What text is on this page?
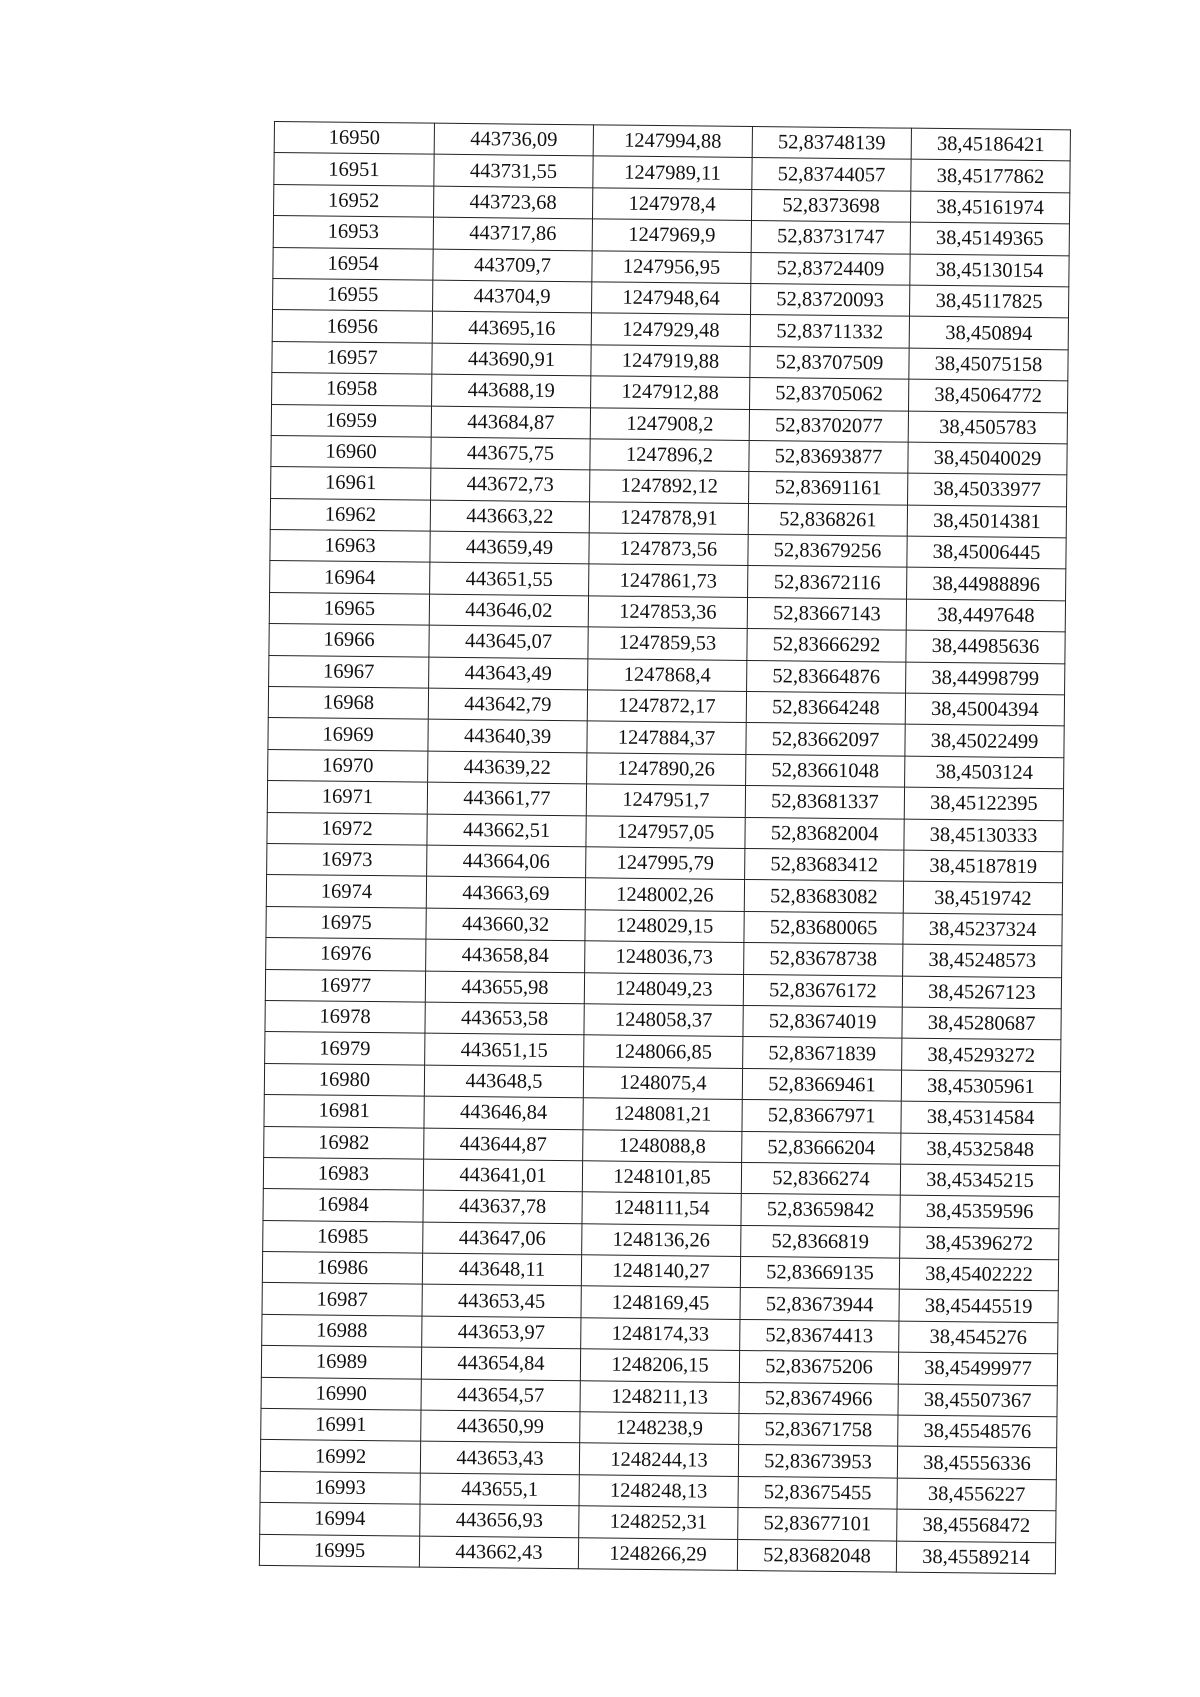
16950	443736,09	1247994,88	52,83748139	38,45186421
16951	443731,55	1247989,11	52,83744057	38,45177862
16952	443723,68	1247978,4	52,8373698	38,45161974
16953	443717,86	1247969,9	52,83731747	38,45149365
16954	443709,7	1247956,95	52,83724409	38,45130154
16955	443704,9	1247948,64	52,83720093	38,45117825
16956	443695,16	1247929,48	52,83711332	38,450894
16957	443690,91	1247919,88	52,83707509	38,45075158
16958	443688,19	1247912,88	52,83705062	38,45064772
16959	443684,87	1247908,2	52,83702077	38,4505783
16960	443675,75	1247896,2	52,83693877	38,45040029
16961	443672,73	1247892,12	52,83691161	38,45033977
16962	443663,22	1247878,91	52,8368261	38,45014381
16963	443659,49	1247873,56	52,83679256	38,45006445
16964	443651,55	1247861,73	52,83672116	38,44988896
16965	443646,02	1247853,36	52,83667143	38,4497648
16966	443645,07	1247859,53	52,83666292	38,44985636
16967	443643,49	1247868,4	52,83664876	38,44998799
16968	443642,79	1247872,17	52,83664248	38,45004394
16969	443640,39	1247884,37	52,83662097	38,45022499
16970	443639,22	1247890,26	52,83661048	38,4503124
16971	443661,77	1247951,7	52,83681337	38,45122395
16972	443662,51	1247957,05	52,83682004	38,45130333
16973	443664,06	1247995,79	52,83683412	38,45187819
16974	443663,69	1248002,26	52,83683082	38,4519742
16975	443660,32	1248029,15	52,83680065	38,45237324
16976	443658,84	1248036,73	52,83678738	38,45248573
16977	443655,98	1248049,23	52,83676172	38,45267123
16978	443653,58	1248058,37	52,83674019	38,45280687
16979	443651,15	1248066,85	52,83671839	38,45293272
16980	443648,5	1248075,4	52,83669461	38,45305961
16981	443646,84	1248081,21	52,83667971	38,45314584
16982	443644,87	1248088,8	52,83666204	38,45325848
16983	443641,01	1248101,85	52,8366274	38,45345215
16984	443637,78	1248111,54	52,83659842	38,45359596
16985	443647,06	1248136,26	52,8366819	38,45396272
16986	443648,11	1248140,27	52,83669135	38,45402222
16987	443653,45	1248169,45	52,83673944	38,45445519
16988	443653,97	1248174,33	52,83674413	38,4545276
16989	443654,84	1248206,15	52,83675206	38,45499977
16990	443654,57	1248211,13	52,83674966	38,45507367
16991	443650,99	1248238,9	52,83671758	38,45548576
16992	443653,43	1248244,13	52,83673953	38,45556336
16993	443655,1	1248248,13	52,83675455	38,4556227
16994	443656,93	1248252,31	52,83677101	38,45568472
16995	443662,43	1248266,29	52,83682048	38,45589214
